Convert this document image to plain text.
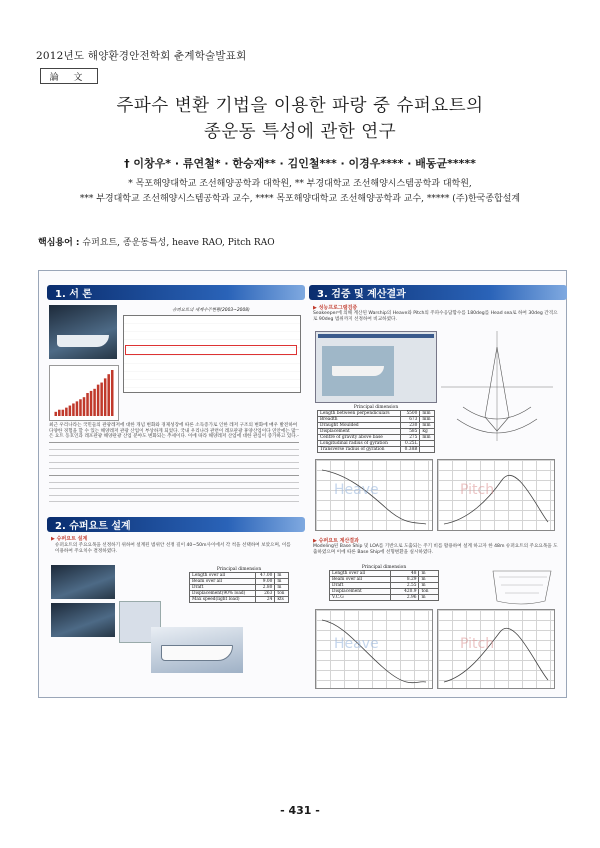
2012년도 해양환경안전학회 춘계학술발표회
論 文
주파수 변환 기법을 이용한 파랑 중 슈퍼요트의
종운동 특성에 관한 연구
† 이창우* · 류연철* · 한승재** · 김인철*** · 이경우**** · 배동균*****
* 목포해양대학교 조선해양공학과 대학원, ** 부경대학교 조선해양시스템공학과 대학원,
*** 부경대학교 조선해양시스템공학과 교수, **** 목포해양대학교 조선해양공학과 교수, ***** (주)한국종합설계
핵심용어 : 슈퍼요트, 종운동특성, heave RAO, Pitch RAO
1. 서 론
슈퍼요트의 세계수주현황(2003~2008)
최근 우리나라는 국민들의 관광레저에 대한 개념 변화와 경제성장에 따른 소득증가로 인한 레저 구조의 변화에 매우 발전하여 다양한 경험을 할 수 있는 해양레저 관광 산업이 부상하게 되었다. 국내 우리나라 관련이 레포관광 휴양산업이다 연안에는 많은 요트 동호인과 레포관광 해양관광 산업 분야도 변화되는 추세이다. 이에 따라 해양레저 산업에 대한 관심이 증가하고 있다.
2. 슈퍼요트 설계
▶ 슈퍼요트 설계
슈퍼요트의 주요요목을 선정하기 위하여 설계된 범위안 선정 길이 40~50m사이에서 각 척을 선택하여 보았으며, 이를 이용하여 주요치수 결정하였다.
Principal dimension
Length over all	47.00	m
Beam over all	9.00	m
Draft	2.80	m
Displacement(90% load)	263	ton
Max speed(light load)	24	kts
3. 검증 및 계산결과
▶ 성능프로그램검증
Seakeeper에 의해 계산된 Warship의 Heave와 Pitch의 주파수응답함수를 180deg를 Head sea로 하여 30deg 간격으로 90deg 범위까지 선정하여 비교하였다.
Principal dimension
Length between perpendiculars	5500	mm
Breadth	673	mm
Draught Moulded	230	mm
Displacement	585	kg
Centre of gravity above base	275	mm
Longitudinal radius of gyration	0.25L	
Transverse radius of gyration	0.38B	
Heave	Pitch
▶ 슈퍼요트 계산결과
Modeling된 Base Ship 및 LOA를 기반으로 도출되는 주기 비를 활용하여 설계 하고자 한 48m 슈퍼요트의 주요요목을 도출하였으며 이에 따른 Base Ship에 선형변환을 실시하였다.
Principal dimension
Length over all	48	m
Beam over all	8.29	m
Draft	2.55	m
Displacement	420.9	ton
V.C.G	2.96	m
Heave	Pitch
- 431 -
